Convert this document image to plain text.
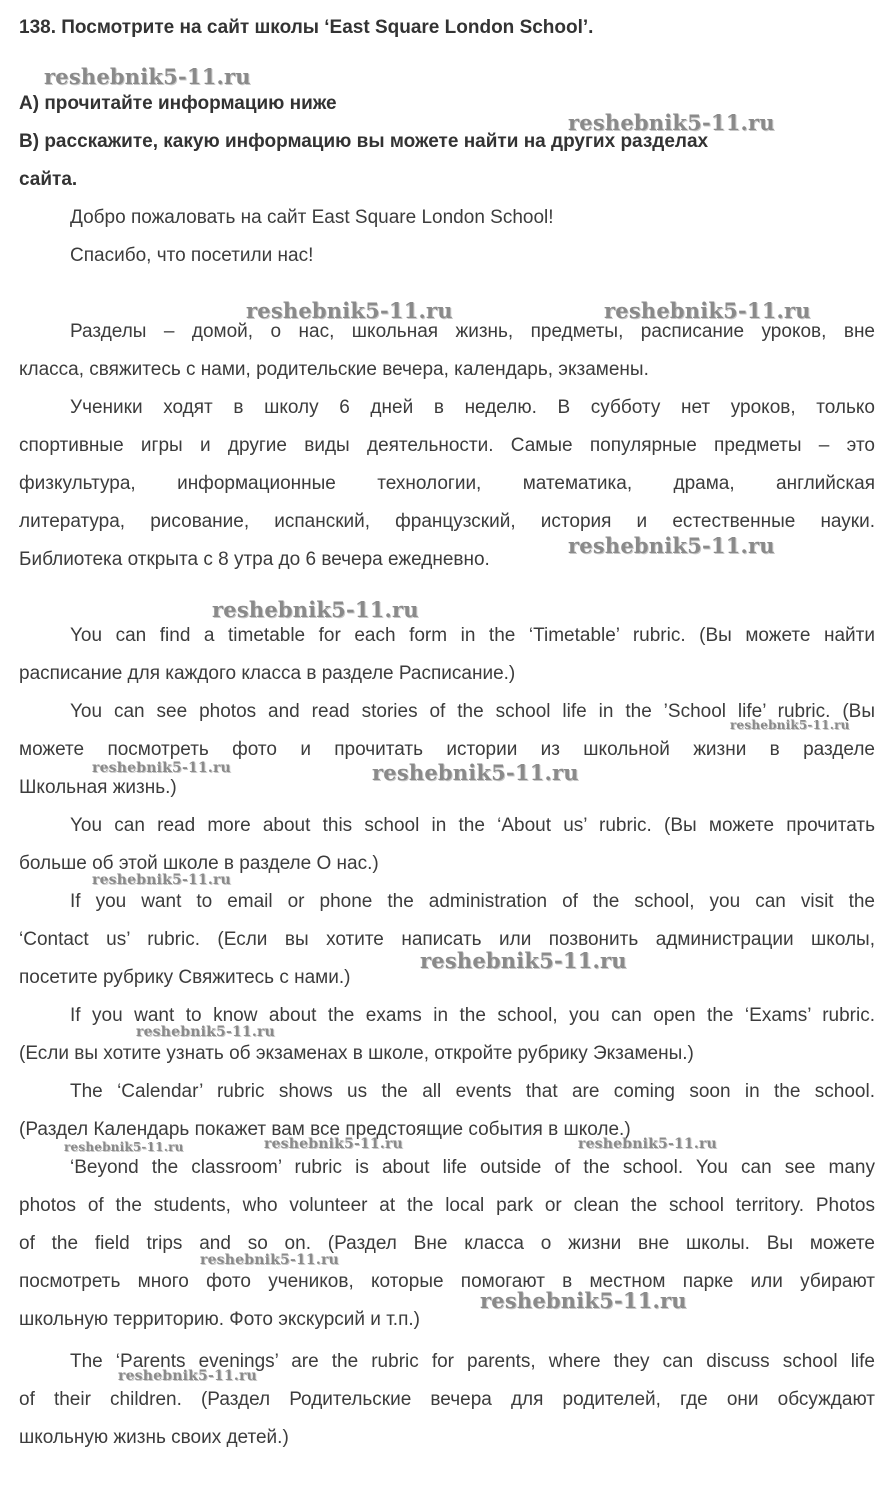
138. Посмотрите на сайт школы ‘East Square London School’.
А) прочитайте информацию ниже
В) расскажите, какую информацию вы можете найти на других разделах
сайта.
Добро пожаловать на сайт East Square London School!
Спасибо, что посетили нас!
Разделы – домой, о нас, школьная жизнь, предметы, расписание уроков, вне
класса, свяжитесь с нами, родительские вечера, календарь, экзамены.
Ученики ходят в школу 6 дней в неделю. В субботу нет уроков, только
спортивные игры и другие виды деятельности. Самые популярные предметы – это
физкультура, информационные технологии, математика, драма, английская
литература, рисование, испанский, французский, история и естественные науки.
Библиотека открыта с 8 утра до 6 вечера ежедневно.
You can find a timetable for each form in the ‘Timetable’ rubric. (Вы можете найти
расписание для каждого класса в разделе Расписание.)
You can see photos and read stories of the school life in the ’School life’ rubric. (Вы
можете посмотреть фото и прочитать истории из школьной жизни в разделе
Школьная жизнь.)
You can read more about this school in the ‘About us’ rubric. (Вы можете прочитать
больше об этой школе в разделе О нас.)
If you want to email or phone the administration of the school, you can visit the
‘Contact us’ rubric. (Если вы хотите написать или позвонить администрации школы,
посетите рубрику Свяжитесь с нами.)
If you want to know about the exams in the school, you can open the ‘Exams’ rubric.
(Если вы хотите узнать об экзаменах в школе, откройте рубрику Экзамены.)
The ‘Calendar’ rubric shows us the all events that are coming soon in the school.
(Раздел Календарь покажет вам все предстоящие события в школе.)
‘Beyond the classroom’ rubric is about life outside of the school. You can see many
photos of the students, who volunteer at the local park or clean the school territory. Photos
of the field trips and so on. (Раздел Вне класса о жизни вне школы. Вы можете
посмотреть много фото учеников, которые помогают в местном парке или убирают
школьную территорию. Фото экскурсий и т.п.)
The ‘Parents evenings’ are the rubric for parents, where they can discuss school life
of their children. (Раздел Родительские вечера для родителей, где они обсуждают
школьную жизнь своих детей.)
reshebnik5-11.ru
reshebnik5-11.ru
reshebnik5-11.ru	reshebnik5-11.ru
reshebnik5-11.ru
reshebnik5-11.ru
reshebnik5-11.ru
reshebnik5-11.ru	reshebnik5-11.ru
reshebnik5-11.ru
reshebnik5-11.ru
reshebnik5-11.ru
reshebnik5-11.ru	reshebnik5-11.ru	reshebnik5-11.ru
reshebnik5-11.ru
reshebnik5-11.ru
reshebnik5-11.ru
